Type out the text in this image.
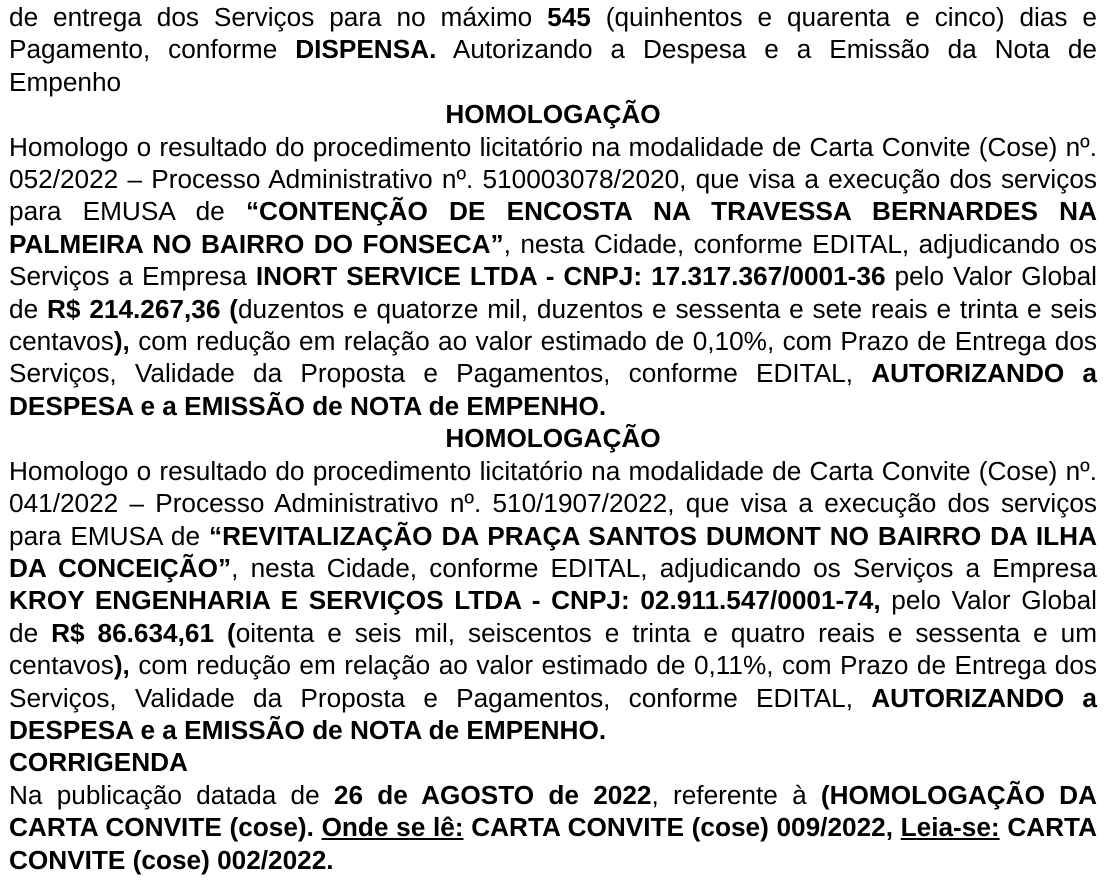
de entrega dos Serviços para no máximo 545 (quinhentos e quarenta e cinco) dias e Pagamento, conforme DISPENSA. Autorizando a Despesa e a Emissão da Nota de Empenho

HOMOLOGAÇÃO

Homologo o resultado do procedimento licitatório na modalidade de Carta Convite (Cose) nº. 052/2022 – Processo Administrativo nº. 510003078/2020, que visa a execução dos serviços para EMUSA de “CONTENÇÃO DE ENCOSTA NA TRAVESSA BERNARDES NA PALMEIRA NO BAIRRO DO FONSECA”, nesta Cidade, conforme EDITAL, adjudicando os Serviços a Empresa INORT SERVICE LTDA - CNPJ: 17.317.367/0001-36 pelo Valor Global de R$ 214.267,36 (duzentos e quatorze mil, duzentos e sessenta e sete reais e trinta e seis centavos), com redução em relação ao valor estimado de 0,10%, com Prazo de Entrega dos Serviços, Validade da Proposta e Pagamentos, conforme EDITAL, AUTORIZANDO a DESPESA e a EMISSÃO de NOTA de EMPENHO.

HOMOLOGAÇÃO

Homologo o resultado do procedimento licitatório na modalidade de Carta Convite (Cose) nº. 041/2022 – Processo Administrativo nº. 510/1907/2022, que visa a execução dos serviços para EMUSA de “REVITALIZAÇÃO DA PRAÇA SANTOS DUMONT NO BAIRRO DA ILHA DA CONCEIÇÃO”, nesta Cidade, conforme EDITAL, adjudicando os Serviços a Empresa KROY ENGENHARIA E SERVIÇOS LTDA - CNPJ: 02.911.547/0001-74, pelo Valor Global de R$ 86.634,61 (oitenta e seis mil, seiscentos e trinta e quatro reais e sessenta e um centavos), com redução em relação ao valor estimado de 0,11%, com Prazo de Entrega dos Serviços, Validade da Proposta e Pagamentos, conforme EDITAL, AUTORIZANDO a DESPESA e a EMISSÃO de NOTA de EMPENHO.

CORRIGENDA

Na publicação datada de 26 de AGOSTO de 2022, referente à (HOMOLOGAÇÃO DA CARTA CONVITE (cose). Onde se lê: CARTA CONVITE (cose) 009/2022, Leia-se: CARTA CONVITE (cose) 002/2022.
